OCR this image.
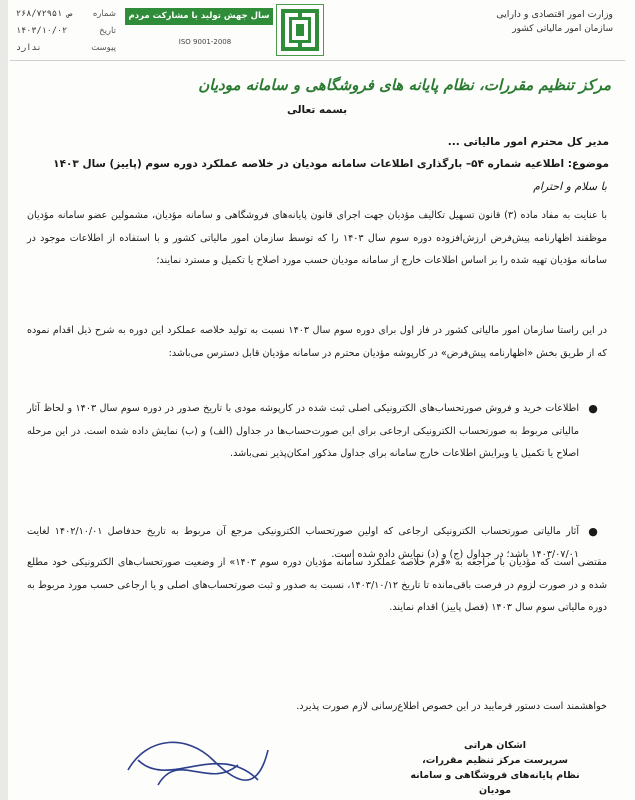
وزارت امور اقتصادی و دارایی
سازمان امور مالیاتی کشور
سال جهش تولید با مشارکت مردم
ISO 9001-2008
شماره
۲۶۸/۷۲۹۵۱ ص
تاریخ
۱۴۰۳/۱۰/۰۲
پیوست
ندارد
مرکز تنظیم مقررات، نظام پایانه های فروشگاهی و سامانه مودیان
بسمه تعالی
مدیر کل محترم امور مالیاتی ...
موضوع: اطلاعیه شماره ۵۴– بارگذاری اطلاعات سامانه مودیان در خلاصه عملکرد دوره سوم (پاییز) سال ۱۴۰۳
با سلام و احترام
با عنایت به مفاد ماده (۳) قانون تسهیل تکالیف مؤدیان جهت اجرای قانون پایانه‌های فروشگاهی و سامانه مؤدیان، مشمولین عضو سامانه مؤدیان موظفند اظهارنامه پیش‌فرض ارزش‌افزوده دوره سوم سال ۱۴۰۳ را که توسط سازمان امور مالیاتی کشور و با استفاده از اطلاعات موجود در سامانه مؤدیان تهیه شده را بر اساس اطلاعات خارج از سامانه مودیان حسب مورد اصلاح یا تکمیل و مسترد نمایند؛
در این راستا سازمان امور مالیاتی کشور در فاز اول برای دوره سوم سال ۱۴۰۳ نسبت به تولید خلاصه عملکرد این دوره به شرح ذیل اقدام نموده که از طریق بخش «اظهارنامه پیش‌فرض» در کارپوشه مؤدیان محترم در سامانه مؤدیان قابل دسترس می‌باشد:
●
اطلاعات خرید و فروش صورتحساب‌های الکترونیکی اصلی ثبت شده در کارپوشه مودی با تاریخ صدور در دوره سوم سال ۱۴۰۳ و لحاظ آثار مالیاتی مربوط به صورتحساب الکترونیکی ارجاعی برای این صورت‌حساب‌ها در جداول (الف) و (ب) نمایش داده شده است. در این مرحله اصلاح یا تکمیل یا ویرایش اطلاعات خارج سامانه برای جداول مذکور امکان‌پذیر نمی‌باشد.
●
آثار مالیاتی صورتحساب الکترونیکی ارجاعی که اولین صورتحساب الکترونیکی مرجع آن مربوط به تاریخ حدفاصل ۱۴۰۲/۱۰/۰۱ لغایت ۱۴۰۳/۰۷/۰۱ باشد؛ در جداول (ج) و (د) نمایش داده شده است.
مقتضی است که مؤدیان با مراجعه به «فرم خلاصه عملکرد سامانه مؤدیان دوره سوم ۱۴۰۳» از وضعیت صورتحساب‌های الکترونیکی خود مطلع شده و در صورت لزوم در فرصت باقی‌مانده تا تاریخ ۱۴۰۳/۱۰/۱۲، نسبت به صدور و ثبت صورتحساب‌های اصلی و یا ارجاعی حسب مورد مربوط به دوره مالیاتی سوم سال ۱۴۰۳ (فصل پاییز) اقدام نمایند.
خواهشمند است دستور فرمایید در این خصوص اطلاع‌رسانی لازم صورت پذیرد.
اشکان هراتی
سرپرست مرکز تنظیم مقررات،
نظام پایانه‌های فروشگاهی و سامانه مودیان
